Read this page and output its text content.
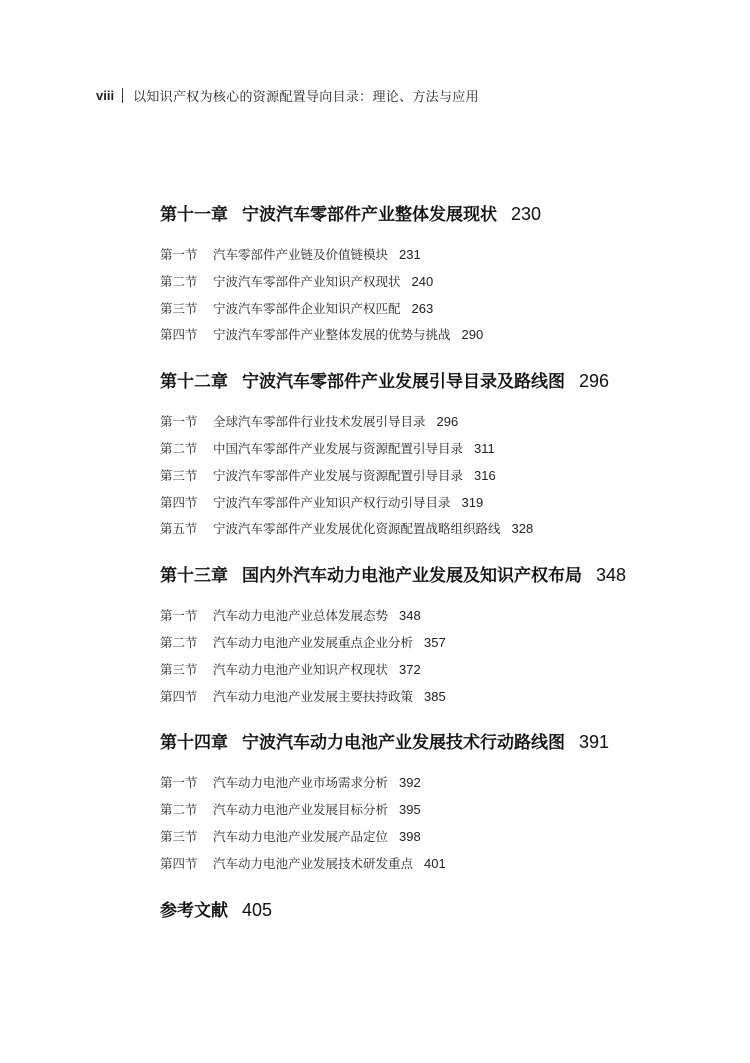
viii 以知识产权为核心的资源配置导向目录：理论、方法与应用
第十一章 宁波汽车零部件产业整体发展现状 230
第一节	汽车零部件产业链及价值链模块 231
第二节	宁波汽车零部件产业知识产权现状 240
第三节	宁波汽车零部件企业知识产权匹配 263
第四节	宁波汽车零部件产业整体发展的优势与挑战 290
第十二章 宁波汽车零部件产业发展引导目录及路线图 296
第一节	全球汽车零部件行业技术发展引导目录 296
第二节	中国汽车零部件产业发展与资源配置引导目录 311
第三节	宁波汽车零部件产业发展与资源配置引导目录 316
第四节	宁波汽车零部件产业知识产权行动引导目录 319
第五节	宁波汽车零部件产业发展优化资源配置战略组织路线 328
第十三章 国内外汽车动力电池产业发展及知识产权布局 348
第一节	汽车动力电池产业总体发展态势 348
第二节	汽车动力电池产业发展重点企业分析 357
第三节	汽车动力电池产业知识产权现状 372
第四节	汽车动力电池产业发展主要扶持政策 385
第十四章 宁波汽车动力电池产业发展技术行动路线图 391
第一节	汽车动力电池产业市场需求分析 392
第二节	汽车动力电池产业发展目标分析 395
第三节	汽车动力电池产业发展产品定位 398
第四节	汽车动力电池产业发展技术研发重点 401
参考文献 405
